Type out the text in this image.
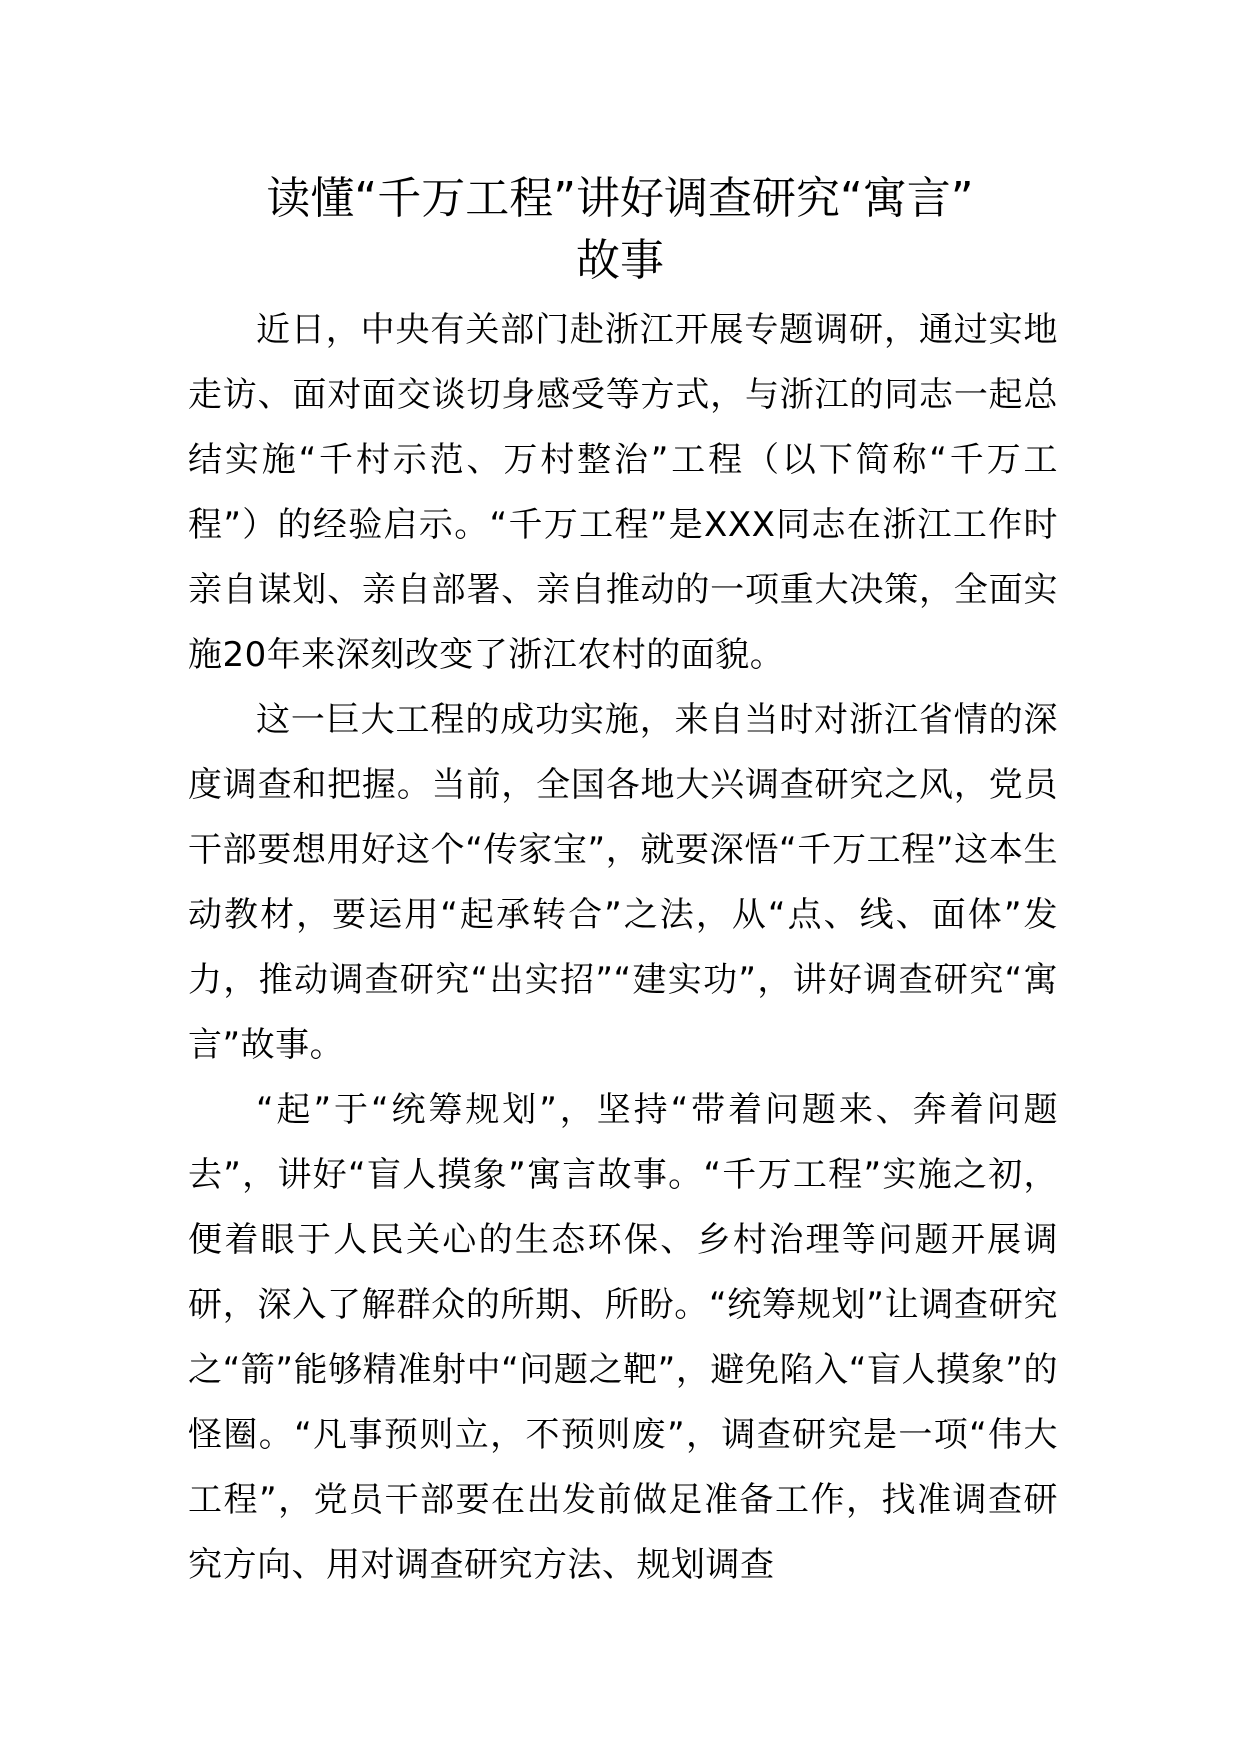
读懂“千万工程”讲好调查研究“寓言”
故事

近日，中央有关部门赴浙江开展专题调研，通过实地走访、面对面交谈切身感受等方式，与浙江的同志一起总结实施“千村示范、万村整治”工程（以下简称“千万工程”）的经验启示。“千万工程”是XXX同志在浙江工作时亲自谋划、亲自部署、亲自推动的一项重大决策，全面实施20年来深刻改变了浙江农村的面貌。

这一巨大工程的成功实施，来自当时对浙江省情的深度调查和把握。当前，全国各地大兴调查研究之风，党员干部要想用好这个“传家宝”，就要深悟“千万工程”这本生动教材，要运用“起承转合”之法，从“点、线、面体”发力，推动调查研究“出实招”“建实功”，讲好调查研究“寓言”故事。

“起”于“统筹规划”，坚持“带着问题来、奔着问题去”，讲好“盲人摸象”寓言故事。“千万工程”实施之初，便着眼于人民关心的生态环保、乡村治理等问题开展调研，深入了解群众的所期、所盼。“统筹规划”让调查研究之“箭”能够精准射中“问题之靶”，避免陷入“盲人摸象”的怪圈。“凡事预则立，不预则废”，调查研究是一项“伟大工程”，党员干部要在出发前做足准备工作，找准调查研究方向、用对调查研究方法、规划调查
